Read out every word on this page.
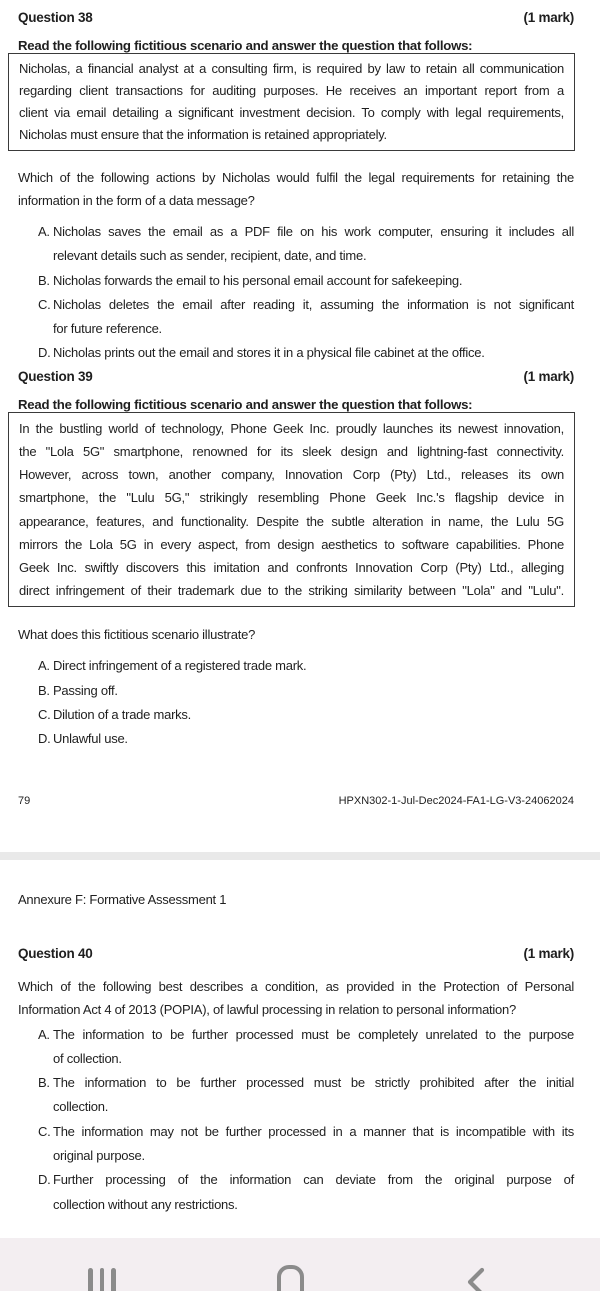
Question 38	(1 mark)
Read the following fictitious scenario and answer the question that follows:
Nicholas, a financial analyst at a consulting firm, is required by law to retain all communication
regarding client transactions for auditing purposes. He receives an important report from a
client via email detailing a significant investment decision. To comply with legal requirements,
Nicholas must ensure that the information is retained appropriately.
Which of the following actions by Nicholas would fulfil the legal requirements for retaining the
information in the form of a data message?
A. Nicholas saves the email as a PDF file on his work computer, ensuring it includes all
relevant details such as sender, recipient, date, and time.
B. Nicholas forwards the email to his personal email account for safekeeping.
C. Nicholas deletes the email after reading it, assuming the information is not significant
for future reference.
D. Nicholas prints out the email and stores it in a physical file cabinet at the office.
Question 39	(1 mark)
Read the following fictitious scenario and answer the question that follows:
In the bustling world of technology, Phone Geek Inc. proudly launches its newest innovation,
the "Lola 5G" smartphone, renowned for its sleek design and lightning-fast connectivity.
However, across town, another company, Innovation Corp (Pty) Ltd., releases its own
smartphone, the "Lulu 5G," strikingly resembling Phone Geek Inc.'s flagship device in
appearance, features, and functionality. Despite the subtle alteration in name, the Lulu 5G
mirrors the Lola 5G in every aspect, from design aesthetics to software capabilities. Phone
Geek Inc. swiftly discovers this imitation and confronts Innovation Corp (Pty) Ltd., alleging
direct infringement of their trademark due to the striking similarity between "Lola" and "Lulu".
What does this fictitious scenario illustrate?
A. Direct infringement of a registered trade mark.
B. Passing off.
C. Dilution of a trade marks.
D. Unlawful use.
79	HPXN302-1-Jul-Dec2024-FA1-LG-V3-24062024
Annexure F: Formative Assessment 1
Question 40	(1 mark)
Which of the following best describes a condition, as provided in the Protection of Personal
Information Act 4 of 2013 (POPIA), of lawful processing in relation to personal information?
A. The information to be further processed must be completely unrelated to the purpose
of collection.
B. The information to be further processed must be strictly prohibited after the initial
collection.
C. The information may not be further processed in a manner that is incompatible with its
original purpose.
D. Further processing of the information can deviate from the original purpose of
collection without any restrictions.
